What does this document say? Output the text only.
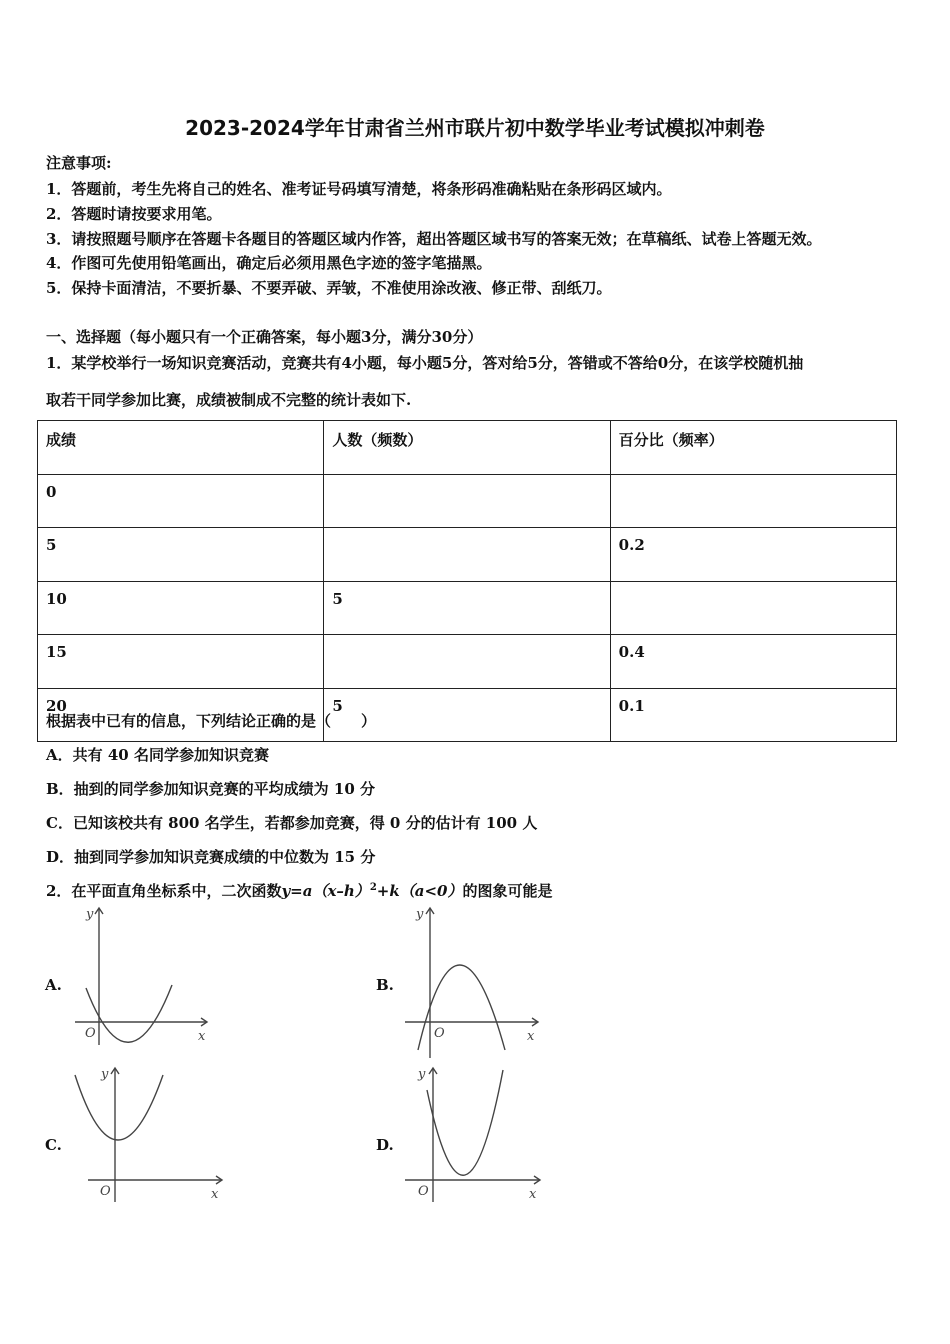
2023-2024学年甘肃省兰州市联片初中数学毕业考试模拟冲刺卷
注意事项:
1．答题前，考生先将自己的姓名、准考证号码填写清楚，将条形码准确粘贴在条形码区域内。
2．答题时请按要求用笔。
3．请按照题号顺序在答题卡各题目的答题区域内作答，超出答题区域书写的答案无效；在草稿纸、试卷上答题无效。
4．作图可先使用铅笔画出，确定后必须用黑色字迹的签字笔描黑。
5．保持卡面清洁，不要折暴、不要弄破、弄皱，不准使用涂改液、修正带、刮纸刀。
一、选择题（每小题只有一个正确答案，每小题3分，满分30分）
1．某学校举行一场知识竞赛活动，竞赛共有4小题，每小题5分，答对给5分，答错或不答给0分，在该学校随机抽
取若干同学参加比赛，成绩被制成不完整的统计表如下.
成绩	人数（频数）	百分比（频率）
0		
5		0.2
10	5	
15		0.4
20	5	0.1
根据表中已有的信息，下列结论正确的是（　　）
A．共有 40 名同学参加知识竞赛
B．抽到的同学参加知识竞赛的平均成绩为 10 分
C．已知该校共有 800 名学生，若都参加竞赛，得 0 分的估计有 100 人
D．抽到同学参加知识竞赛成绩的中位数为 15 分
2．在平面直角坐标系中，二次函数$y=a(x-h)^2+k(a<0)$的图象可能是
A.	B.
C.	D.
y
x
O
y
x
O
y
x
O
y
x
O
